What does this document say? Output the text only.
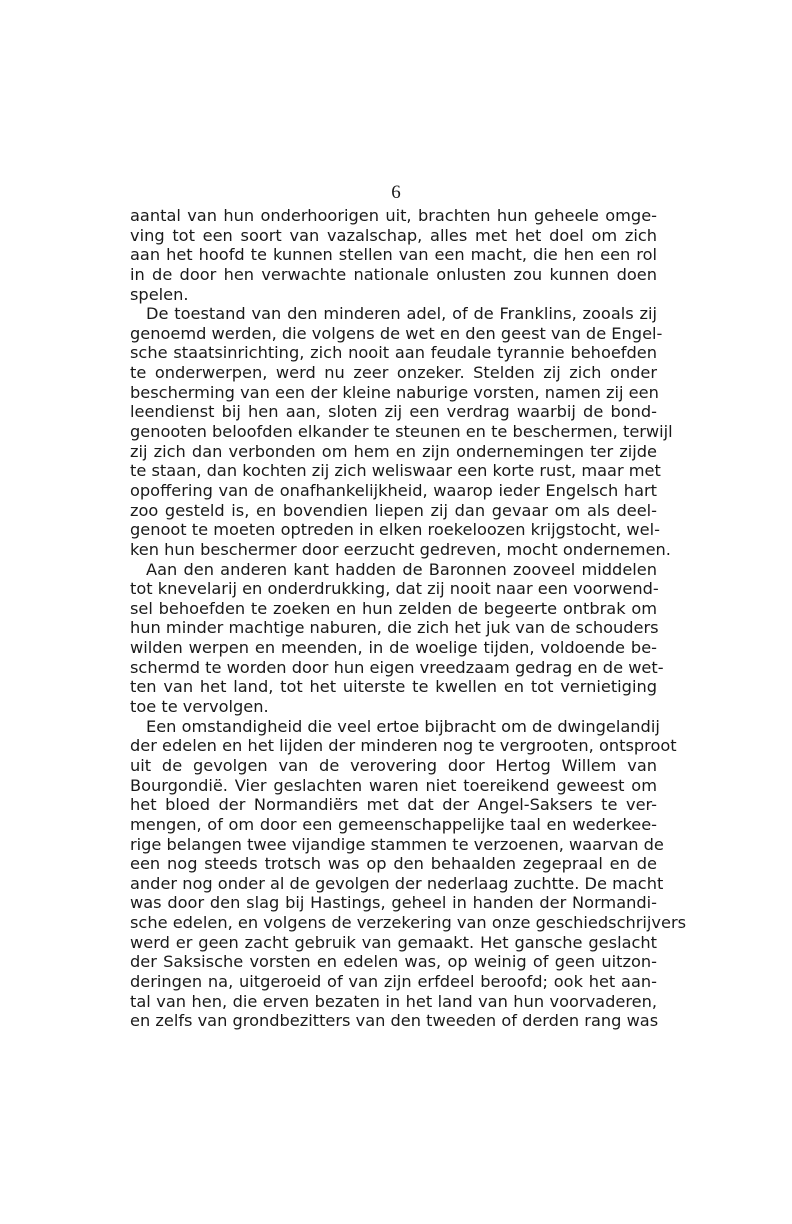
6
aantal van hun onderhoorigen uit, brachten hun geheele omge-
ving tot een soort van vazalschap, alles met het doel om zich
aan het hoofd te kunnen stellen van een macht, die hen een rol
in de door hen verwachte nationale onlusten zou kunnen doen
spelen.
De toestand van den minderen adel, of de Franklins, zooals zij
genoemd werden, die volgens de wet en den geest van de Engel-
sche staatsinrichting, zich nooit aan feudale tyrannie behoefden
te onderwerpen, werd nu zeer onzeker. Stelden zij zich onder
bescherming van een der kleine naburige vorsten, namen zij een
leendienst bij hen aan, sloten zij een verdrag waarbij de bond-
genooten beloofden elkander te steunen en te beschermen, terwijl
zij zich dan verbonden om hem en zijn ondernemingen ter zijde
te staan, dan kochten zij zich weliswaar een korte rust, maar met
opoffering van de onafhankelijkheid, waarop ieder Engelsch hart
zoo gesteld is, en bovendien liepen zij dan gevaar om als deel-
genoot te moeten optreden in elken roekeloozen krijgstocht, wel-
ken hun beschermer door eerzucht gedreven, mocht ondernemen.
Aan den anderen kant hadden de Baronnen zooveel middelen
tot knevelarij en onderdrukking, dat zij nooit naar een voorwend-
sel behoefden te zoeken en hun zelden de begeerte ontbrak om
hun minder machtige naburen, die zich het juk van de schouders
wilden werpen en meenden, in de woelige tijden, voldoende be-
schermd te worden door hun eigen vreedzaam gedrag en de wet-
ten van het land, tot het uiterste te kwellen en tot vernietiging
toe te vervolgen.
Een omstandigheid die veel ertoe bijbracht om de dwingelandij
der edelen en het lijden der minderen nog te vergrooten, ontsproot
uit de gevolgen van de verovering door Hertog Willem van
Bourgondië. Vier geslachten waren niet toereikend geweest om
het bloed der Normandiërs met dat der Angel-Saksers te ver-
mengen, of om door een gemeenschappelijke taal en wederkee-
rige belangen twee vijandige stammen te verzoenen, waarvan de
een nog steeds trotsch was op den behaalden zegepraal en de
ander nog onder al de gevolgen der nederlaag zuchtte. De macht
was door den slag bij Hastings, geheel in handen der Normandi-
sche edelen, en volgens de verzekering van onze geschiedschrijvers
werd er geen zacht gebruik van gemaakt. Het gansche geslacht
der Saksische vorsten en edelen was, op weinig of geen uitzon-
deringen na, uitgeroeid of van zijn erfdeel beroofd; ook het aan-
tal van hen, die erven bezaten in het land van hun voorvaderen,
en zelfs van grondbezitters van den tweeden of derden rang was
